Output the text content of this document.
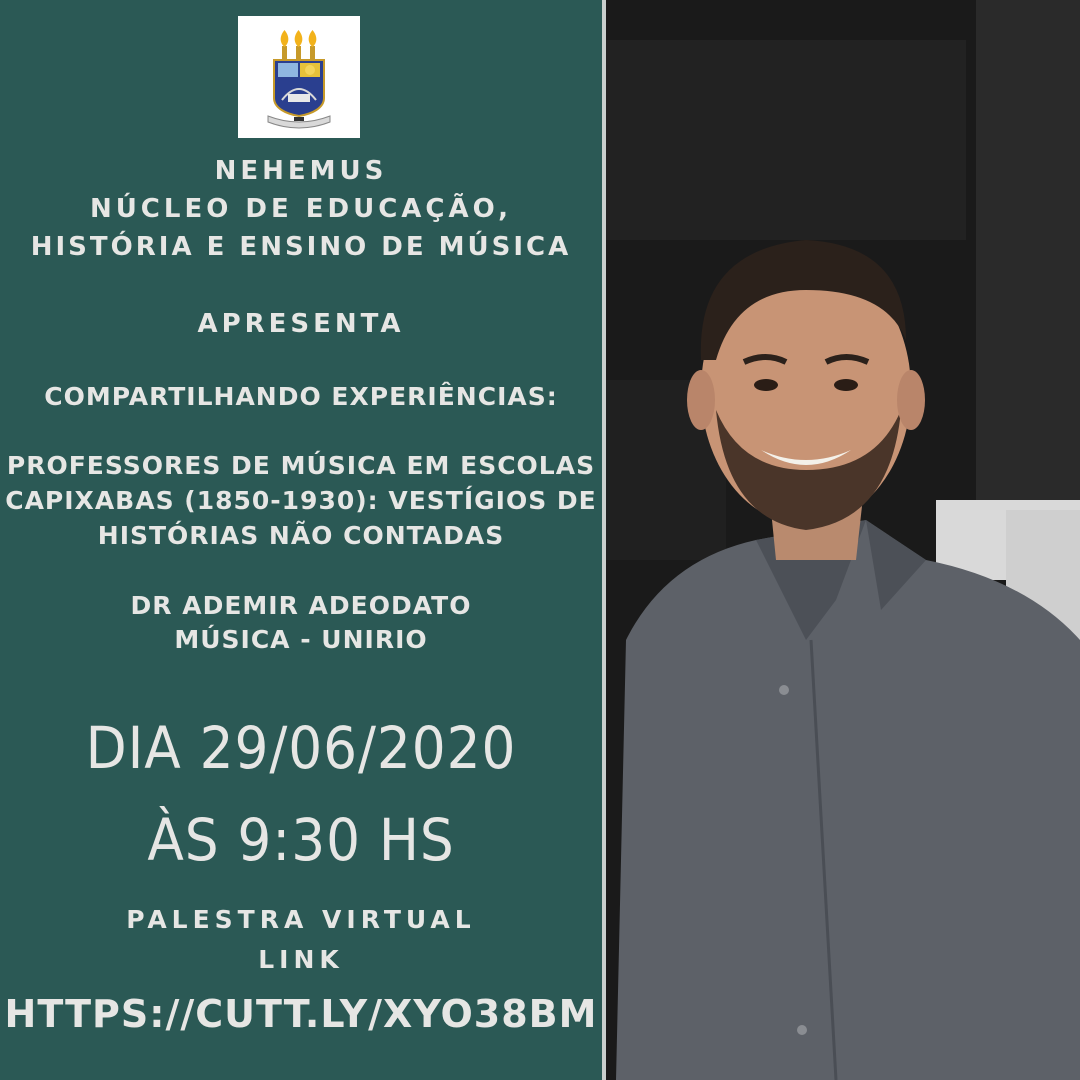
NEHEMUS
NÚCLEO DE EDUCAÇÃO,
HISTÓRIA E ENSINO DE MÚSICA
APRESENTA
COMPARTILHANDO EXPERIÊNCIAS:
PROFESSORES DE MÚSICA EM ESCOLAS
CAPIXABAS (1850-1930): VESTÍGIOS DE
HISTÓRIAS NÃO CONTADAS
DR ADEMIR ADEODATO
MÚSICA - UNIRIO
DIA 29/06/2020
ÀS 9:30 HS
PALESTRA VIRTUAL
LINK
HTTPS://CUTT.LY/XYO38BM
